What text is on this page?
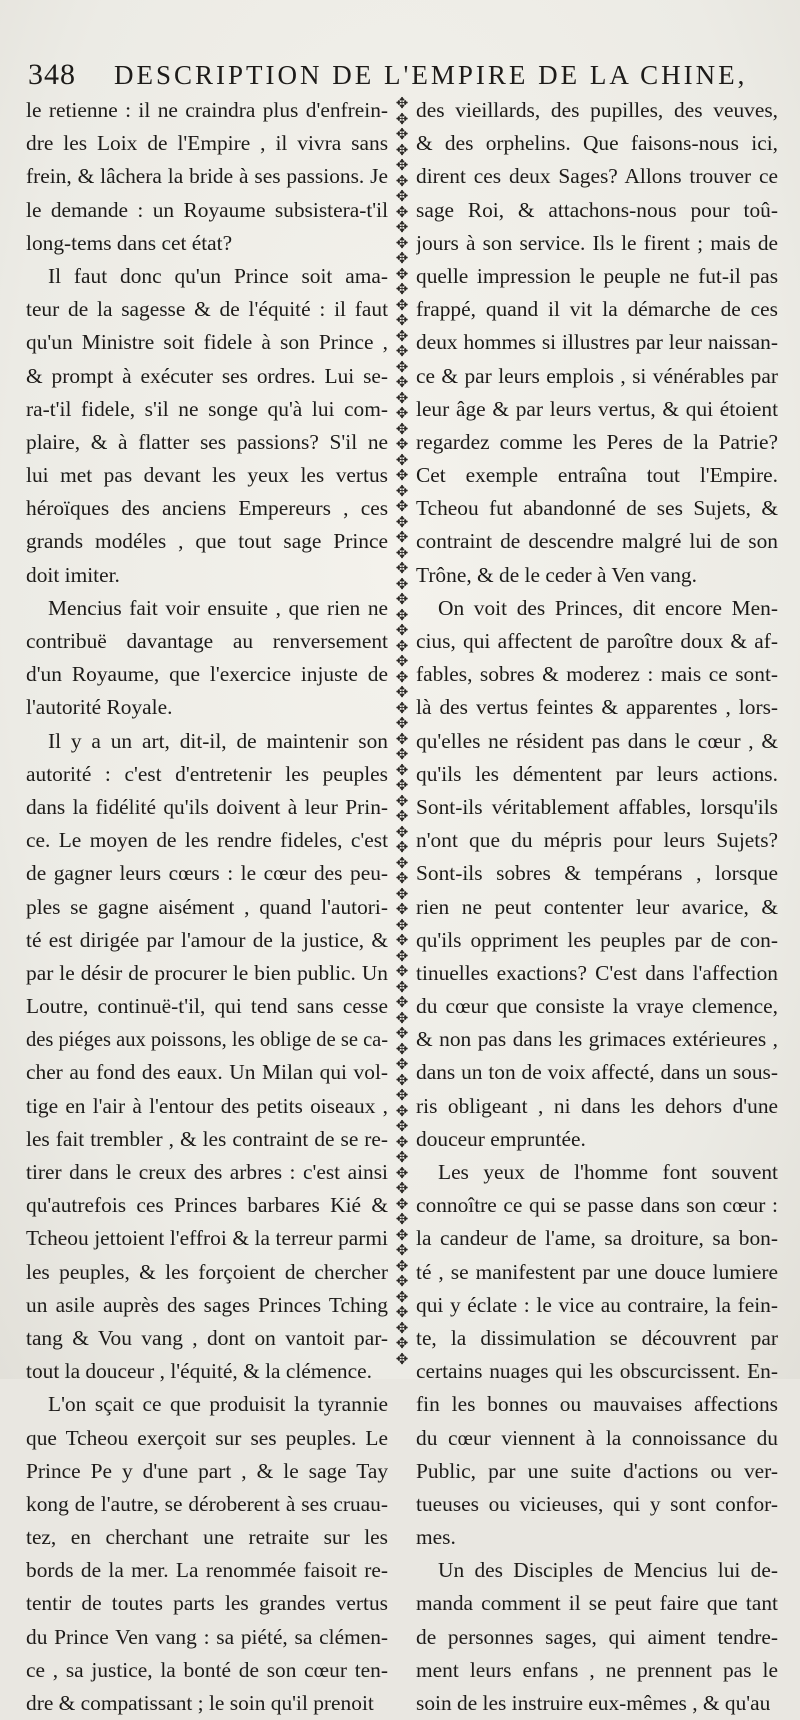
348 DESCRIPTION DE L'EMPIRE DE LA CHINE,
le retienne : il ne craindra plus d'enfrein-
dre les Loix de l'Empire , il vivra sans
frein, & lâchera la bride à ses passions. Je
le demande : un Royaume subsistera-t'il
long-tems dans cet état?
Il faut donc qu'un Prince soit ama-
teur de la sagesse & de l'équité : il faut
qu'un Ministre soit fidele à son Prince ,
& prompt à exécuter ses ordres. Lui se-
ra-t'il fidele, s'il ne songe qu'à lui com-
plaire, & à flatter ses passions? S'il ne
lui met pas devant les yeux les vertus
héroïques des anciens Empereurs , ces
grands modéles , que tout sage Prince
doit imiter.
Mencius fait voir ensuite , que rien ne
contribuë davantage au renversement
d'un Royaume, que l'exercice injuste de
l'autorité Royale.
Il y a un art, dit-il, de maintenir son
autorité : c'est d'entretenir les peuples
dans la fidélité qu'ils doivent à leur Prin-
ce. Le moyen de les rendre fideles, c'est
de gagner leurs cœurs : le cœur des peu-
ples se gagne aisément , quand l'autori-
té est dirigée par l'amour de la justice, &
par le désir de procurer le bien public. Un
Loutre, continuë-t'il, qui tend sans cesse
des piéges aux poissons, les oblige de se ca-
cher au fond des eaux. Un Milan qui vol-
tige en l'air à l'entour des petits oiseaux ,
les fait trembler , & les contraint de se re-
tirer dans le creux des arbres : c'est ainsi
qu'autrefois ces Princes barbares Kié &
Tcheou jettoient l'effroi & la terreur parmi
les peuples, & les forçoient de chercher
un asile auprès des sages Princes Tching
tang & Vou vang , dont on vantoit par-
tout la douceur , l'équité, & la clémence.
L'on sçait ce que produisit la tyrannie
que Tcheou exerçoit sur ses peuples. Le
Prince Pe y d'une part , & le sage Tay
kong de l'autre, se déroberent à ses cruau-
tez, en cherchant une retraite sur les
bords de la mer. La renommée faisoit re-
tentir de toutes parts les grandes vertus
du Prince Ven vang : sa piété, sa clémen-
ce , sa justice, la bonté de son cœur ten-
dre & compatissant ; le soin qu'il prenoit
✥
✥
✥
✥
✥
✥
✥
✥
✥
✥
✥
✥
✥
✥
✥
✥
✥
✥
✥
✥
✥
✥
✥
✥
✥
✥
✥
✥
✥
✥
✥
✥
✥
✥
✥
✥
✥
✥
✥
✥
✥
✥
✥
✥
✥
✥
✥
✥
✥
✥
✥
✥
✥
✥
✥
✥
✥
✥
✥
✥
✥
✥
✥
✥
✥
✥
✥
✥
✥
✥
✥
✥
✥
✥
✥
✥
✥
✥
✥
✥
✥
✥
des vieillards, des pupilles, des veuves,
& des orphelins. Que faisons-nous ici,
dirent ces deux Sages? Allons trouver ce
sage Roi, & attachons-nous pour toû-
jours à son service. Ils le firent ; mais de
quelle impression le peuple ne fut-il pas
frappé, quand il vit la démarche de ces
deux hommes si illustres par leur naissan-
ce & par leurs emplois , si vénérables par
leur âge & par leurs vertus, & qui étoient
regardez comme les Peres de la Patrie?
Cet exemple entraîna tout l'Empire.
Tcheou fut abandonné de ses Sujets, &
contraint de descendre malgré lui de son
Trône, & de le ceder à Ven vang.
On voit des Princes, dit encore Men-
cius, qui affectent de paroître doux & af-
fables, sobres & moderez : mais ce sont-
là des vertus feintes & apparentes , lors-
qu'elles ne résident pas dans le cœur , &
qu'ils les démentent par leurs actions.
Sont-ils véritablement affables, lorsqu'ils
n'ont que du mépris pour leurs Sujets?
Sont-ils sobres & tempérans , lorsque
rien ne peut contenter leur avarice, &
qu'ils oppriment les peuples par de con-
tinuelles exactions? C'est dans l'affection
du cœur que consiste la vraye clemence,
& non pas dans les grimaces extérieures ,
dans un ton de voix affecté, dans un sous-
ris obligeant , ni dans les dehors d'une
douceur empruntée.
Les yeux de l'homme font souvent
connoître ce qui se passe dans son cœur :
la candeur de l'ame, sa droiture, sa bon-
té , se manifestent par une douce lumiere
qui y éclate : le vice au contraire, la fein-
te, la dissimulation se découvrent par
certains nuages qui les obscurcissent. En-
fin les bonnes ou mauvaises affections
du cœur viennent à la connoissance du
Public, par une suite d'actions ou ver-
tueuses ou vicieuses, qui y sont confor-
mes.
Un des Disciples de Mencius lui de-
manda comment il se peut faire que tant
de personnes sages, qui aiment tendre-
ment leurs enfans , ne prennent pas le
soin de les instruire eux-mêmes , & qu'au
